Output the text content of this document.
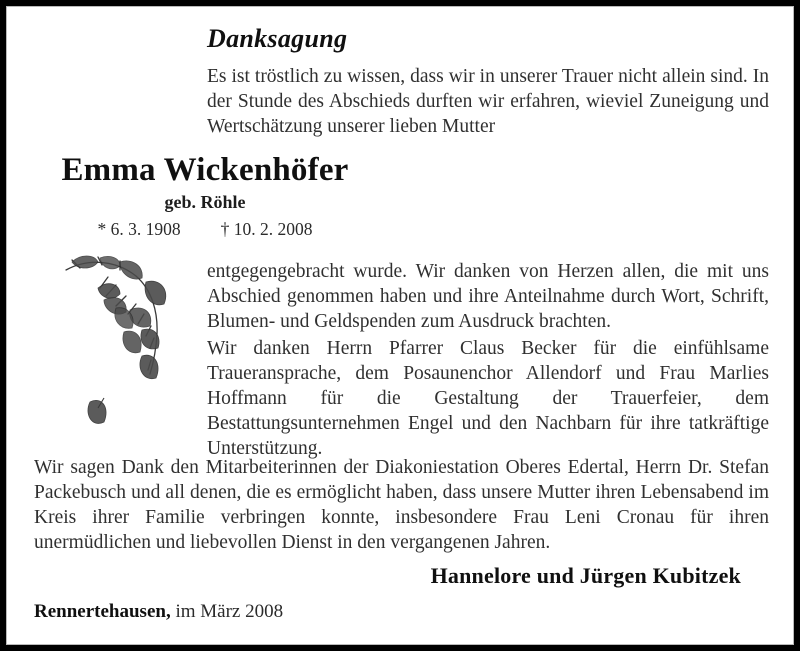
Danksagung
Es ist tröstlich zu wissen, dass wir in unserer Trauer nicht allein sind. In der Stunde des Abschieds durften wir erfahren, wieviel Zuneigung und Wertschätzung unserer lieben Mutter
Emma Wickenhöfer
geb. Röhle
* 6. 3. 1908 † 10. 2. 2008
entgegengebracht wurde. Wir danken von Herzen allen, die mit uns Abschied genommen haben und ihre Anteilnahme durch Wort, Schrift, Blumen- und Geldspenden zum Ausdruck brachten.
Wir danken Herrn Pfarrer Claus Becker für die einfühlsame Traueransprache, dem Posaunenchor Allendorf und Frau Marlies Hoffmann für die Gestaltung der Trauerfeier, dem Bestattungsunternehmen Engel und den Nachbarn für ihre tatkräftige Unterstützung.
Wir sagen Dank den Mitarbeiterinnen der Diakoniestation Oberes Edertal, Herrn Dr. Stefan Packebusch und all denen, die es ermöglicht haben, dass unsere Mutter ihren Lebensabend im Kreis ihrer Familie verbringen konnte, insbesondere Frau Leni Cronau für ihren unermüdlichen und liebevollen Dienst in den vergangenen Jahren.
Hannelore und Jürgen Kubitzek
Rennertehausen, im März 2008
